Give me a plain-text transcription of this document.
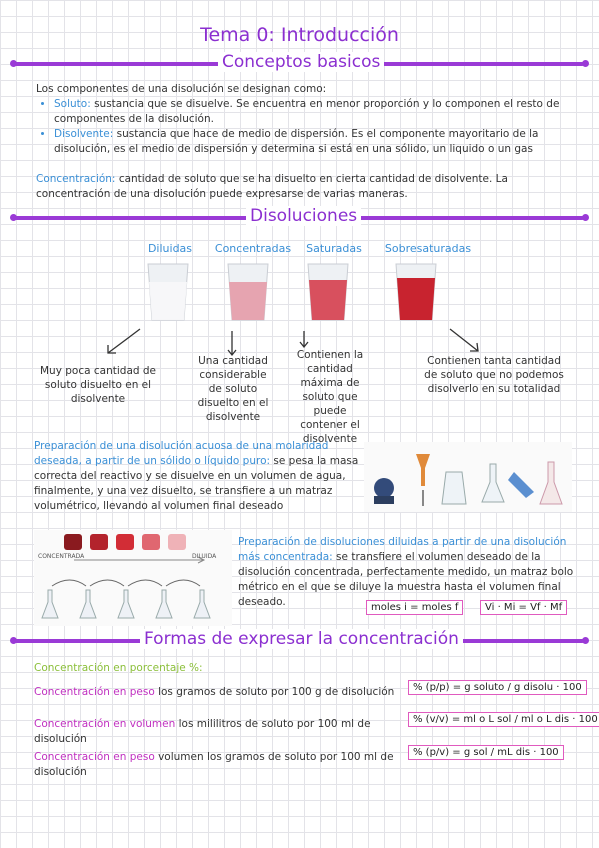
Tema 0: Introducción
Conceptos basicos
Los componentes de una disolución se designan como:
• Soluto: sustancia que se disuelve. Se encuentra en menor proporción y lo componen el resto de componentes de la disolución.
• Disolvente: sustancia que hace de medio de dispersión. Es el componente mayoritario de la disolución, es el medio de dispersión y determina si está en una sólido, un liquido o un gas
Concentración: cantidad de soluto que se ha disuelto en cierta cantidad de disolvente. La concentración de una disolución puede expresarse de varias maneras.
Disoluciones
Diluidas	Concentradas	Saturadas	Sobresaturadas
Muy poca cantidad de soluto disuelto en el disolvente
Una cantidad considerable de soluto disuelto en el disolvente
Contienen la cantidad máxima de soluto que puede contener el disolvente
Contienen tanta cantidad de soluto que no podemos disolverlo en su totalidad
Preparación de una disolución acuosa de una molaridad deseada, a partir de un sólido o líquido puro: se pesa la masa correcta del reactivo y se disuelve en un volumen de agua, finalmente, y una vez disuelto, se transfiere a un matraz volumétrico, llevando al volumen final deseado
CONCENTRADA	DILUIDA
Preparación de disoluciones diluidas a partir de una disolución más concentrada: se transfiere el volumen deseado de la disolución concentrada, perfectamente medido, un matraz bolo métrico en el que se diluye la muestra hasta el volumen final deseado.	moles i = moles f	Vi · Mi = Vf · Mf
Formas de expresar la concentración
Concentración en porcentaje %:
Concentración en peso los gramos de soluto por 100 g de disolución	% (p/p) = g soluto / g disolu · 100
Concentración en volumen los mililitros de soluto por 100 ml de disolución
% (v/v) = ml o L sol / ml o L dis · 100
Concentración en peso volumen los gramos de soluto por 100 ml de disolución
% (p/v) = g sol / mL dis · 100
